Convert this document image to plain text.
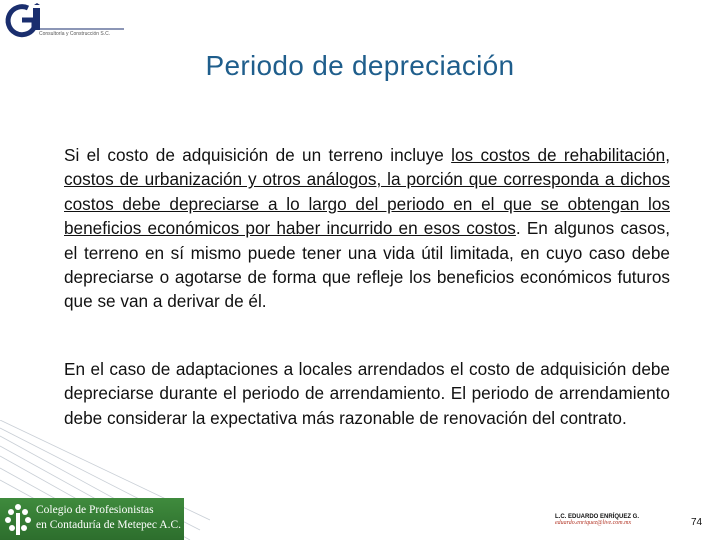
Consultoría y Construcción S.C.
Periodo de depreciación
Si el costo de adquisición de un terreno incluye los costos de rehabilitación, costos de urbanización y otros análogos, la porción que corresponda a dichos costos debe depreciarse a lo largo del periodo en el que se obtengan los beneficios económicos por haber incurrido en esos costos. En algunos casos, el terreno en sí mismo puede tener una vida útil limitada, en cuyo caso debe depreciarse o agotarse de forma que refleje los beneficios económicos futuros que se van a derivar de él.
En el caso de adaptaciones a locales arrendados el costo de adquisición debe depreciarse durante el periodo de arrendamiento. El periodo de arrendamiento debe considerar la expectativa más razonable de renovación del contrato.
Colegio de Profesionistas
en Contaduría de Metepec A.C.
L.C. EDUARDO ENRÍQUEZ G.
eduardo.enriquez@live.com.mx	74
